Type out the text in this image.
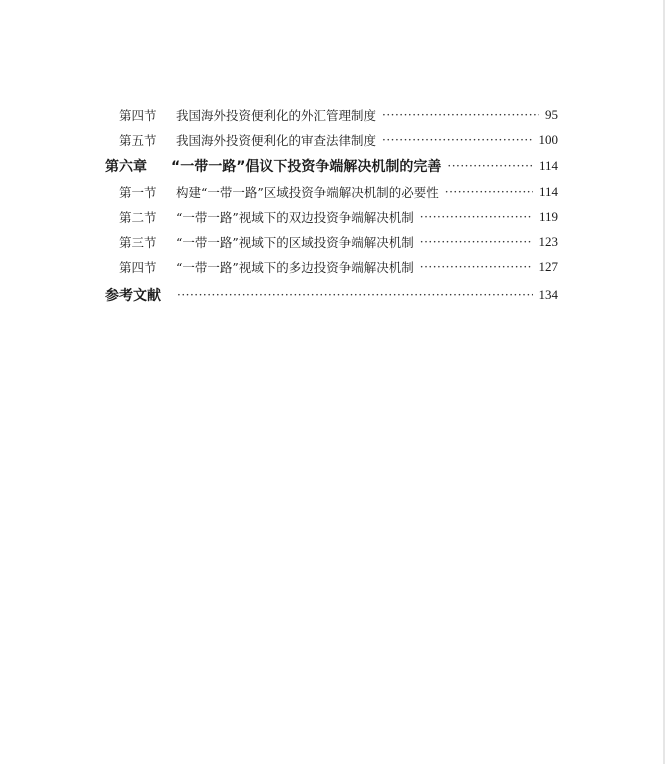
第四节	我国海外投资便利化的外汇管理制度 ·····	95
第五节	我国海外投资便利化的审查法律制度 ·····	100
第六章	“一带一路”倡议下投资争端解决机制的完善 ·····	114
第一节	构建“一带一路”区域投资争端解决机制的必要性 ·····	114
第二节	“一带一路”视域下的双边投资争端解决机制 ·····	119
第三节	“一带一路”视域下的区域投资争端解决机制 ·····	123
第四节	“一带一路”视域下的多边投资争端解决机制 ·····	127
参考文献 ·····	134
